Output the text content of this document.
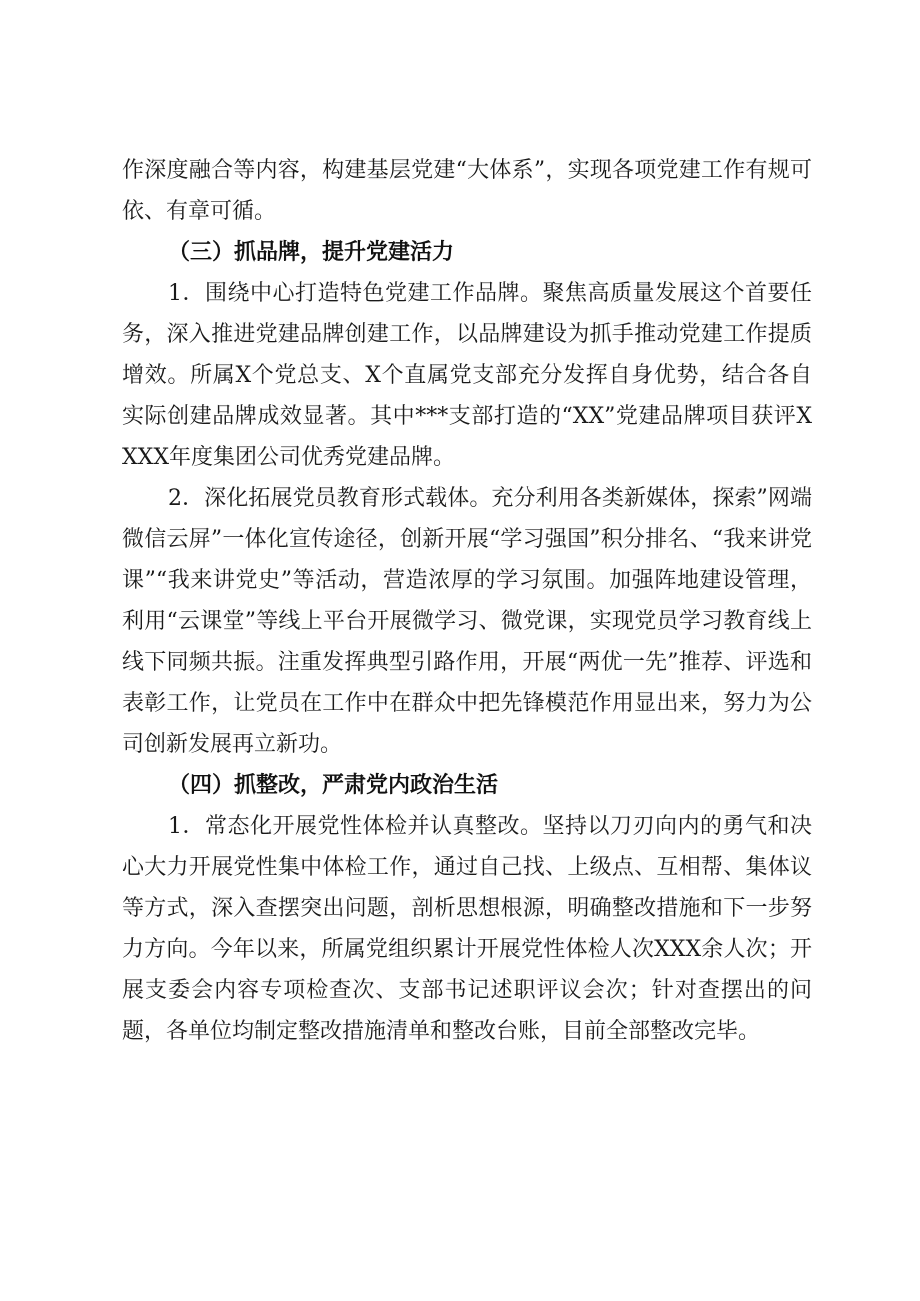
作深度融合等内容，构建基层党建“大体系”，实现各项党建工作有规可依、有章可循。

（三）抓品牌，提升党建活力

1．围绕中心打造特色党建工作品牌。聚焦高质量发展这个首要任务，深入推进党建品牌创建工作，以品牌建设为抓手推动党建工作提质增效。所属X个党总支、X个直属党支部充分发挥自身优势，结合各自实际创建品牌成效显著。其中***支部打造的“XX”党建品牌项目获评XXXX年度集团公司优秀党建品牌。

2．深化拓展党员教育形式载体。充分利用各类新媒体，探索”网端微信云屏”一体化宣传途径，创新开展“学习强国”积分排名、“我来讲党课”“我来讲党史”等活动，营造浓厚的学习氛围。加强阵地建设管理，利用“云课堂”等线上平台开展微学习、微党课，实现党员学习教育线上线下同频共振。注重发挥典型引路作用，开展“两优一先”推荐、评选和表彰工作，让党员在工作中在群众中把先锋模范作用显出来，努力为公司创新发展再立新功。

（四）抓整改，严肃党内政治生活

1．常态化开展党性体检并认真整改。坚持以刀刃向内的勇气和决心大力开展党性集中体检工作，通过自己找、上级点、互相帮、集体议等方式，深入查摆突出问题，剖析思想根源，明确整改措施和下一步努力方向。今年以来，所属党组织累计开展党性体检人次XXX余人次；开展支委会内容专项检查次、支部书记述职评议会次；针对查摆出的问题，各单位均制定整改措施清单和整改台账，目前全部整改完毕。
